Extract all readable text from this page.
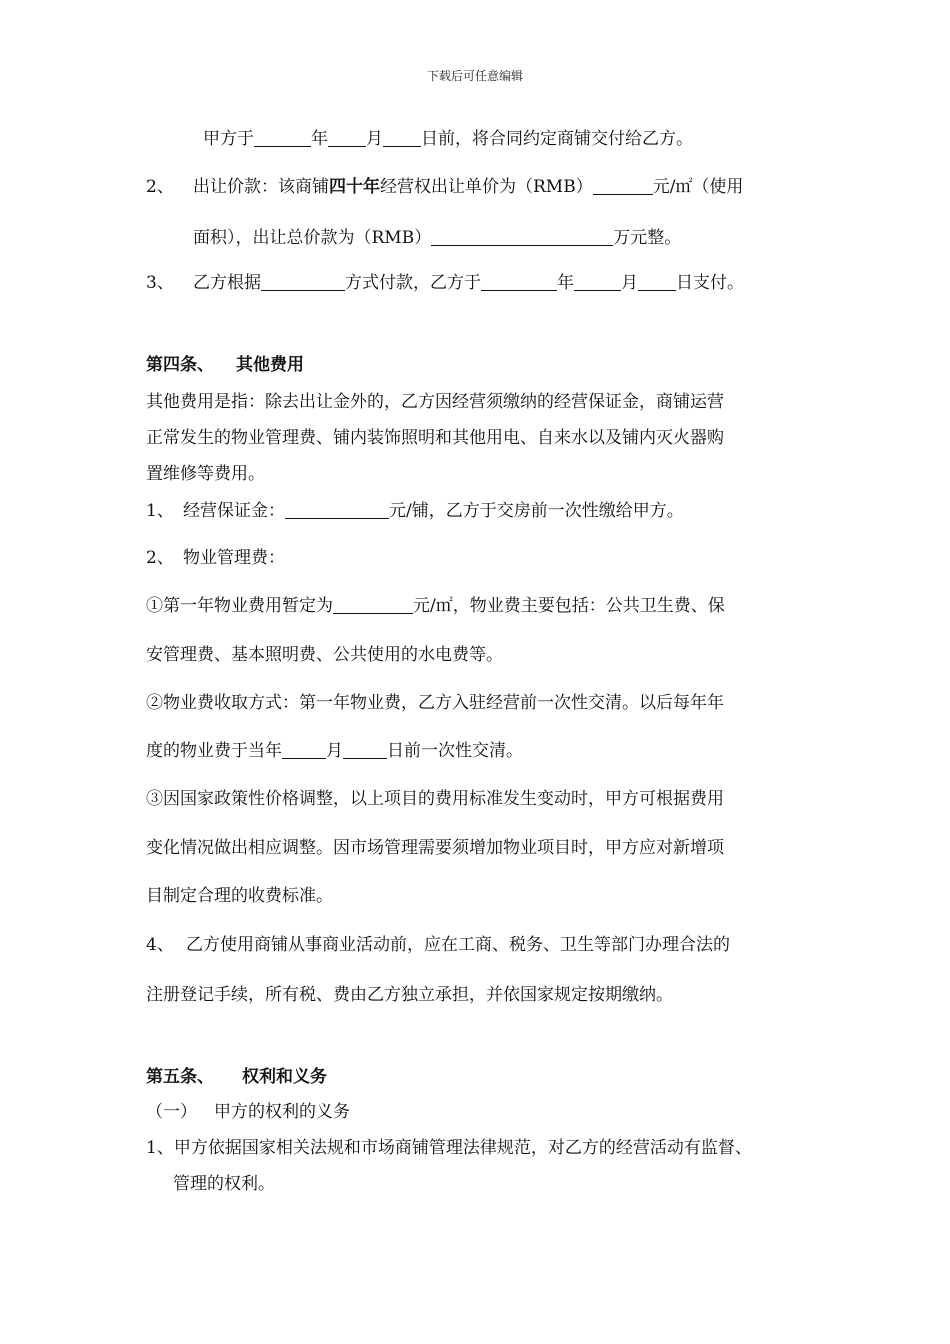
下载后可任意编辑
甲方于	年 月 日前，将合同约定商铺交付给乙方。
2、 出让价款：该商铺四十年经营权出让单价为（RMB）	元/㎡（使用
面积），出让总价款为（RMB）	万元整。
3、 乙方根据	方式付款，乙方于	年	月 日支付。
第四条、 其他费用
其他费用是指：除去出让金外的，乙方因经营须缴纳的经营保证金，商铺运营
正常发生的物业管理费、铺内装饰照明和其他用电、自来水以及铺内灭火器购
置维修等费用。
1、 经营保证金：	元/铺，乙方于交房前一次性缴给甲方。
2、 物业管理费：
①第一年物业费用暂定为	元/㎡，物业费主要包括：公共卫生费、保
安管理费、基本照明费、公共使用的水电费等。
②物业费收取方式：第一年物业费，乙方入驻经营前一次性交清。以后每年年
度的物业费于当年	月	日前一次性交清。
③因国家政策性价格调整，以上项目的费用标准发生变动时，甲方可根据费用
变化情况做出相应调整。因市场管理需要须增加物业项目时，甲方应对新增项
目制定合理的收费标准。
4、 乙方使用商铺从事商业活动前，应在工商、税务、卫生等部门办理合法的
注册登记手续，所有税、费由乙方独立承担，并依国家规定按期缴纳。
第五条、 权利和义务
（一） 甲方的权利的义务
1、甲方依据国家相关法规和市场商铺管理法律规范，对乙方的经营活动有监督、
管理的权利。
